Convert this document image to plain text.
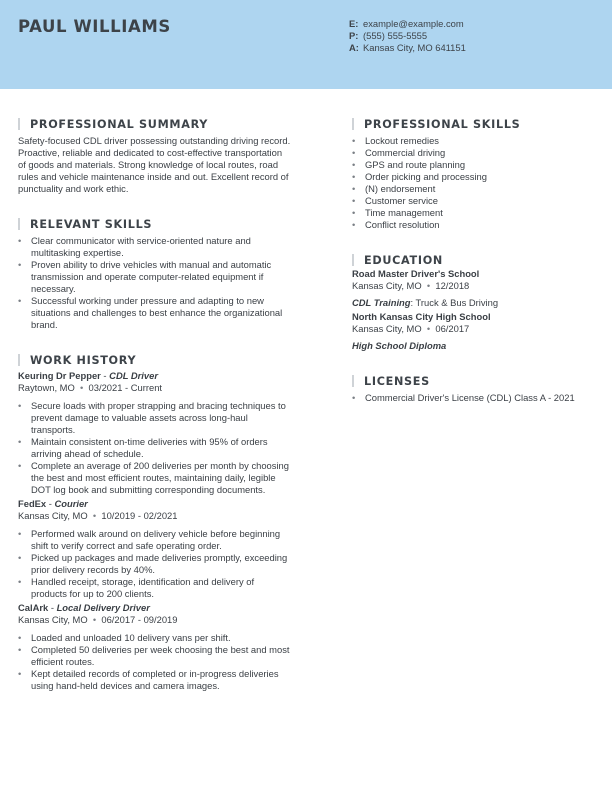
PAUL WILLIAMS	E: example@example.com
P: (555) 555-5555
A: Kansas City, MO 641151
PROFESSIONAL SUMMARY
Safety-focused CDL driver possessing outstanding driving record.
Proactive, reliable and dedicated to cost-effective transportation
of goods and materials. Strong knowledge of local routes, road
rules and vehicle maintenance inside and out. Excellent record of
punctuality and work ethic.
RELEVANT SKILLS
• Clear communicator with service-oriented nature and
multitasking expertise.
• Proven ability to drive vehicles with manual and automatic
transmission and operate computer-related equipment if
necessary.
• Successful working under pressure and adapting to new
situations and challenges to best enhance the organizational
brand.
WORK HISTORY
Keuring Dr Pepper - CDL Driver
Raytown, MO • 03/2021 - Current
• Secure loads with proper strapping and bracing techniques to
prevent damage to valuable assets across long-haul
transports.
• Maintain consistent on-time deliveries with 95% of orders
arriving ahead of schedule.
• Complete an average of 200 deliveries per month by choosing
the best and most efficient routes, maintaining daily, legible
DOT log book and submitting corresponding documents.
FedEx - Courier
Kansas City, MO • 10/2019 - 02/2021
• Performed walk around on delivery vehicle before beginning
shift to verify correct and safe operating order.
• Picked up packages and made deliveries promptly, exceeding
prior delivery records by 40%.
• Handled receipt, storage, identification and delivery of
products for up to 200 clients.
CalArk - Local Delivery Driver
Kansas City, MO • 06/2017 - 09/2019
• Loaded and unloaded 10 delivery vans per shift.
• Completed 50 deliveries per week choosing the best and most
efficient routes.
• Kept detailed records of completed or in-progress deliveries
using hand-held devices and camera images.
PROFESSIONAL SKILLS
• Lockout remedies
• Commercial driving
• GPS and route planning
• Order picking and processing
• (N) endorsement
• Customer service
• Time management
• Conflict resolution
EDUCATION
Road Master Driver's School
Kansas City, MO • 12/2018
CDL Training: Truck & Bus Driving
North Kansas City High School
Kansas City, MO • 06/2017
High School Diploma
LICENSES
• Commercial Driver's License (CDL) Class A - 2021
